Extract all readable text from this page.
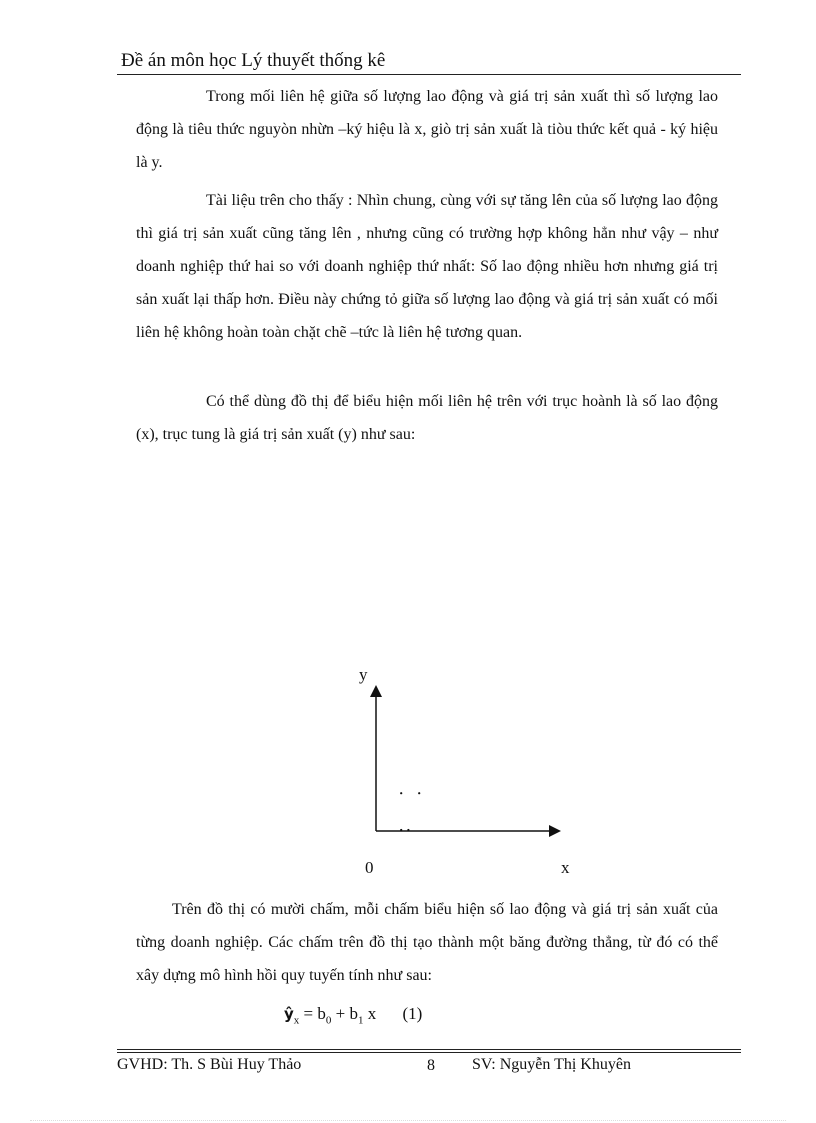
Đề án môn học Lý thuyết thống kê

Trong mối liên hệ giữa số lượng lao động và giá trị sản xuất thì số lượng lao động là tiêu thức nguyòn nhừn –ký hiệu là x, giò trị sản xuất là tiòu thức kết quả - ký hiệu là y.

Tài liệu trên cho thấy : Nhìn chung, cùng với sự tăng lên của số lượng lao động thì giá trị sản xuất cũng tăng lên , nhưng cũng có trường hợp không hẳn như vậy – như doanh nghiệp thứ hai so với doanh nghiệp thứ nhất: Số lao động nhiều hơn nhưng giá trị sản xuất lại thấp hơn. Điều này chứng tỏ giữa số lượng lao động và giá trị sản xuất có mối liên hệ không hoàn toàn chặt chẽ –tức là liên hệ tương quan.

Có thể dùng đồ thị để biểu hiện mối liên hệ trên với trục hoành là số lao động (x), trục tung là giá trị sản xuất (y) như sau:

y
0	x

Trên đồ thị có mười chấm, mỗi chấm biểu hiện số lao động và giá trị sản xuất của từng doanh nghiệp. Các chấm trên đồ thị tạo thành một băng đường thẳng, từ đó có thể xây dựng mô hình hồi quy tuyến tính như sau:

$ŷ_x = b_0 + b_1$ x (1)
GVHD: Th. S Bùi Huy Thảo	8 SV: Nguyễn Thị Khuyên
